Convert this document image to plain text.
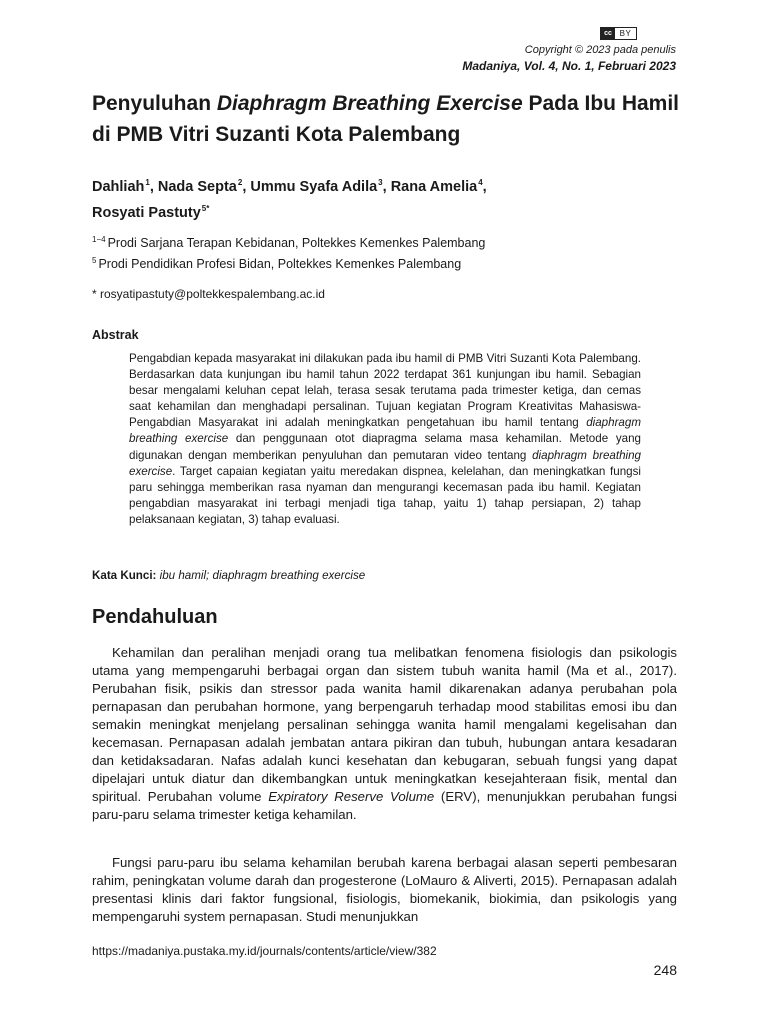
cc BY
Copyright © 2023 pada penulis
Madaniya, Vol. 4, No. 1, Februari 2023
Penyuluhan Diaphragm Breathing Exercise Pada Ibu Hamil di PMB Vitri Suzanti Kota Palembang
Dahliah$^1$, Nada Septa$^2$, Ummu Syafa Adila$^3$, Rana Amelia$^4$,
Rosyati Pastuty$^{5*}$
$^{1-4}$ Prodi Sarjana Terapan Kebidanan, Poltekkes Kemenkes Palembang
$^5$ Prodi Pendidikan Profesi Bidan, Poltekkes Kemenkes Palembang
* rosyatipastuty@poltekkespalembang.ac.id
Abstrak

Pengabdian kepada masyarakat ini dilakukan pada ibu hamil di PMB Vitri Suzanti Kota Palembang. Berdasarkan data kunjungan ibu hamil tahun 2022 terdapat 361 kunjungan ibu hamil. Sebagian besar mengalami keluhan cepat lelah, terasa sesak terutama pada trimester ketiga, dan cemas saat kehamilan dan menghadapi persalinan. Tujuan kegiatan Program Kreativitas Mahasiswa-Pengabdian Masyarakat ini adalah meningkatkan pengetahuan ibu hamil tentang diaphragm breathing exercise dan penggunaan otot diapragma selama masa kehamilan. Metode yang digunakan dengan memberikan penyuluhan dan pemutaran video tentang diaphragm breathing exercise. Target capaian kegiatan yaitu meredakan dispnea, kelelahan, dan meningkatkan fungsi paru sehingga memberikan rasa nyaman dan mengurangi kecemasan pada ibu hamil. Kegiatan pengabdian masyarakat ini terbagi menjadi tiga tahap, yaitu 1) tahap persiapan, 2) tahap pelaksanaan kegiatan, 3) tahap evaluasi.

Kata Kunci: ibu hamil; diaphragm breathing exercise
Pendahuluan

Kehamilan dan peralihan menjadi orang tua melibatkan fenomena fisiologis dan psikologis utama yang mempengaruhi berbagai organ dan sistem tubuh wanita hamil (Ma et al., 2017). Perubahan fisik, psikis dan stressor pada wanita hamil dikarenakan adanya perubahan pola pernapasan dan perubahan hormone, yang berpengaruh terhadap mood stabilitas emosi ibu dan semakin meningkat menjelang persalinan sehingga wanita hamil mengalami kegelisahan dan kecemasan. Pernapasan adalah jembatan antara pikiran dan tubuh, hubungan antara kesadaran dan ketidaksadaran. Nafas adalah kunci kesehatan dan kebugaran, sebuah fungsi yang dapat dipelajari untuk diatur dan dikembangkan untuk meningkatkan kesejahteraan fisik, mental dan spiritual. Perubahan volume Expiratory Reserve Volume (ERV), menunjukkan perubahan fungsi paru-paru selama trimester ketiga kehamilan.

Fungsi paru-paru ibu selama kehamilan berubah karena berbagai alasan seperti pembesaran rahim, peningkatan volume darah dan progesterone (LoMauro & Aliverti, 2015). Pernapasan adalah presentasi klinis dari faktor fungsional, fisiologis, biomekanik, biokimia, dan psikologis yang mempengaruhi system pernapasan. Studi menunjukkan

https://madaniya.pustaka.my.id/journals/contents/article/view/382
248
